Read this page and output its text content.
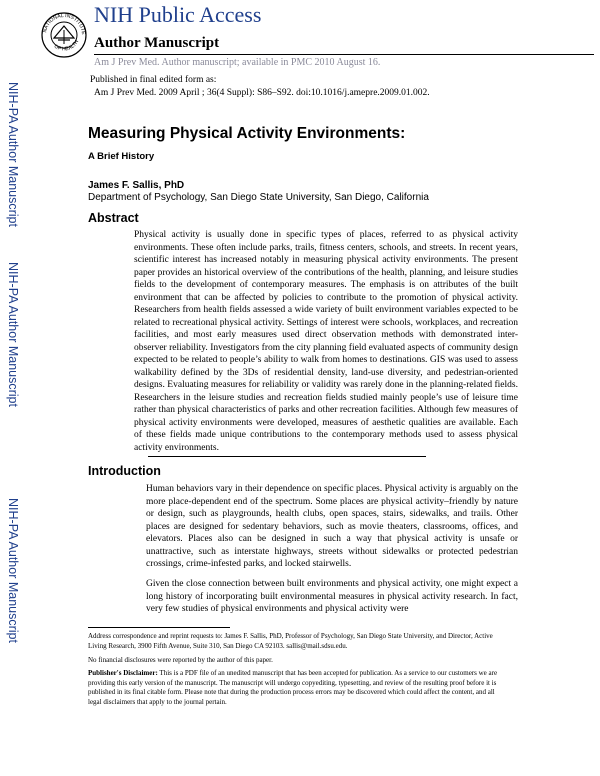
NATIONAL INSTITUTE
OF HEALTH
NIH Public Access
Author Manuscript
Am J Prev Med. Author manuscript; available in PMC 2010 August 16.
Published in final edited form as:
Am J Prev Med. 2009 April ; 36(4 Suppl): S86–S92. doi:10.1016/j.amepre.2009.01.002.
NIH-PA Author Manuscript
NIH-PA Author Manuscript
NIH-PA Author Manuscript
Measuring Physical Activity Environments:
A Brief History
James F. Sallis, PhD
Department of Psychology, San Diego State University, San Diego, California
Abstract
Physical activity is usually done in specific types of places, referred to as physical activity environments. These often include parks, trails, fitness centers, schools, and streets. In recent years, scientific interest has increased notably in measuring physical activity environments. The present paper provides an historical overview of the contributions of the health, planning, and leisure studies fields to the development of contemporary measures. The emphasis is on attributes of the built environment that can be affected by policies to contribute to the promotion of physical activity. Researchers from health fields assessed a wide variety of built environment variables expected to be related to recreational physical activity. Settings of interest were schools, workplaces, and recreation facilities, and most early measures used direct observation methods with demonstrated inter-observer reliability. Investigators from the city planning field evaluated aspects of community design expected to be related to people’s ability to walk from homes to destinations. GIS was used to assess walkability defined by the 3Ds of residential density, land-use diversity, and pedestrian-oriented designs. Evaluating measures for reliability or validity was rarely done in the planning-related fields. Researchers in the leisure studies and recreation fields studied mainly people’s use of leisure time rather than physical characteristics of parks and other recreation facilities. Although few measures of physical activity environments were developed, measures of aesthetic qualities are available. Each of these fields made unique contributions to the contemporary methods used to assess physical activity environments.
Introduction
Human behaviors vary in their dependence on specific places. Physical activity is arguably on the more place-dependent end of the spectrum. Some places are physical activity–friendly by nature or design, such as playgrounds, health clubs, open spaces, stairs, sidewalks, and trails. Other places are designed for sedentary behaviors, such as movie theaters, classrooms, offices, and elevators. Places also can be designed in such a way that physical activity is unsafe or unattractive, such as interstate highways, streets without sidewalks or protected pedestrian crossings, crime-infested parks, and locked stairwells.
Given the close connection between built environments and physical activity, one might expect a long history of incorporating built environmental measures in physical activity research. In fact, very few studies of physical environments and physical activity were
Address correspondence and reprint requests to: James F. Sallis, PhD, Professor of Psychology, San Diego State University, and Director, Active Living Research, 3900 Fifth Avenue, Suite 310, San Diego CA 92103. sallis@mail.sdsu.edu.
No financial disclosures were reported by the author of this paper.
Publisher's Disclaimer: This is a PDF file of an unedited manuscript that has been accepted for publication. As a service to our customers we are providing this early version of the manuscript. The manuscript will undergo copyediting, typesetting, and review of the resulting proof before it is published in its final citable form. Please note that during the production process errors may be discovered which could affect the content, and all legal disclaimers that apply to the journal pertain.
